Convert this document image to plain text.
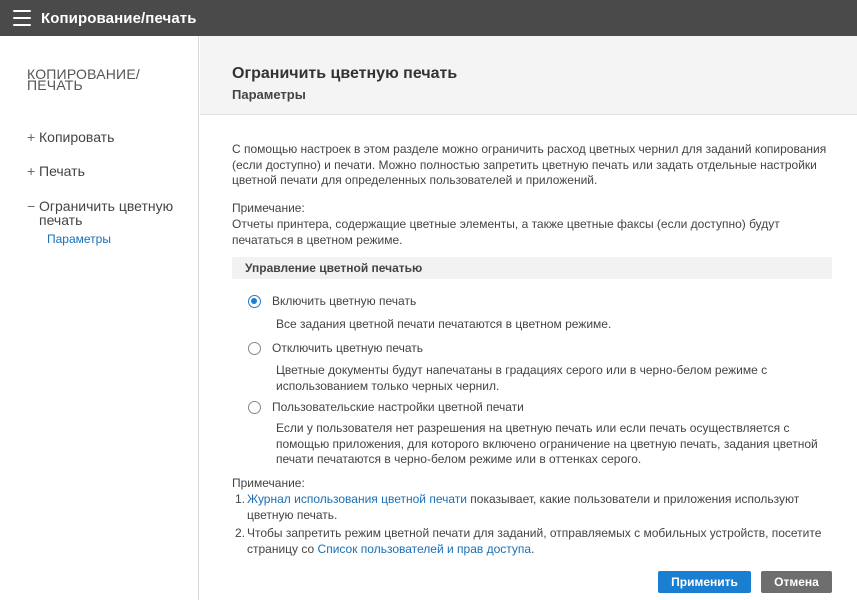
Копирование/печать
КОПИРОВАНИЕ/ПЕЧАТЬ
+ Копировать
+ Печать
− Ограничить цветную печать
Параметры
Ограничить цветную печать
Параметры
С помощью настроек в этом разделе можно ограничить расход цветных чернил для заданий копирования (если доступно) и печати. Можно полностью запретить цветную печать или задать отдельные настройки цветной печати для определенных пользователей и приложений.
Примечание:
Отчеты принтера, содержащие цветные элементы, а также цветные факсы (если доступно) будут печататься в цветном режиме.
Управление цветной печатью
Включить цветную печать
Все задания цветной печати печатаются в цветном режиме.
Отключить цветную печать
Цветные документы будут напечатаны в градациях серого или в черно-белом режиме с использованием только черных чернил.
Пользовательские настройки цветной печати
Если у пользователя нет разрешения на цветную печать или если печать осуществляется с помощью приложения, для которого включено ограничение на цветную печать, задания цветной печати печатаются в черно-белом режиме или в оттенках серого.
Примечание:
1. Журнал использования цветной печати показывает, какие пользователи и приложения используют цветную печать.
2. Чтобы запретить режим цветной печати для заданий, отправляемых с мобильных устройств, посетите страницу со Список пользователей и прав доступа.
Применить	Отмена
